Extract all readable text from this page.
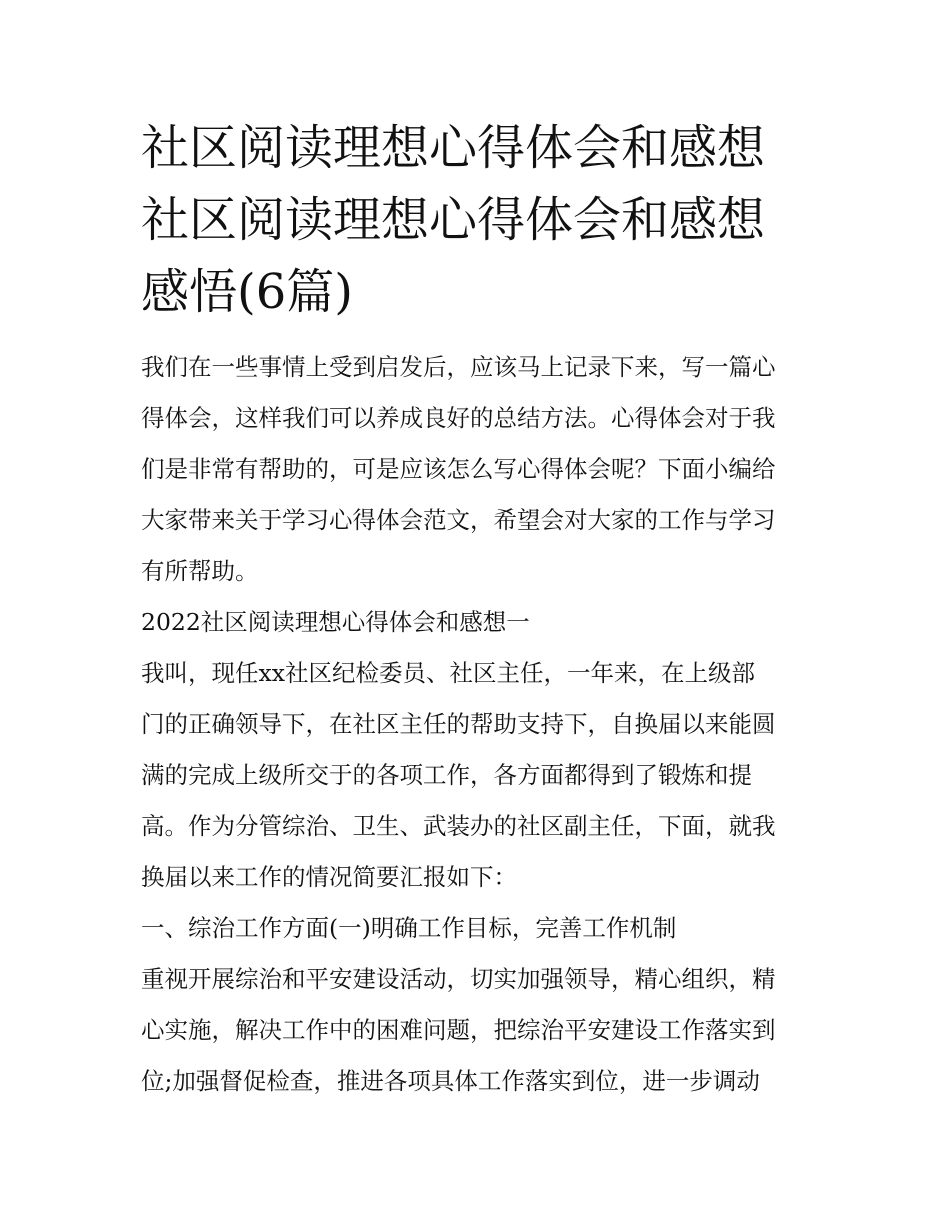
社区阅读理想心得体会和感想
社区阅读理想心得体会和感想
感悟(6篇)

我们在一些事情上受到启发后，应该马上记录下来，写一篇心
得体会，这样我们可以养成良好的总结方法。心得体会对于我
们是非常有帮助的，可是应该怎么写心得体会呢？下面小编给
大家带来关于学习心得体会范文，希望会对大家的工作与学习
有所帮助。

2022社区阅读理想心得体会和感想一

我叫，现任xx社区纪检委员、社区主任，一年来，在上级部
门的正确领导下，在社区主任的帮助支持下，自换届以来能圆
满的完成上级所交于的各项工作，各方面都得到了锻炼和提
高。作为分管综治、卫生、武装办的社区副主任，下面，就我
换届以来工作的情况简要汇报如下：

一、综治工作方面(一)明确工作目标，完善工作机制

重视开展综治和平安建设活动，切实加强领导，精心组织，精
心实施，解决工作中的困难问题，把综治平安建设工作落实到
位;加强督促检查，推进各项具体工作落实到位，进一步调动
